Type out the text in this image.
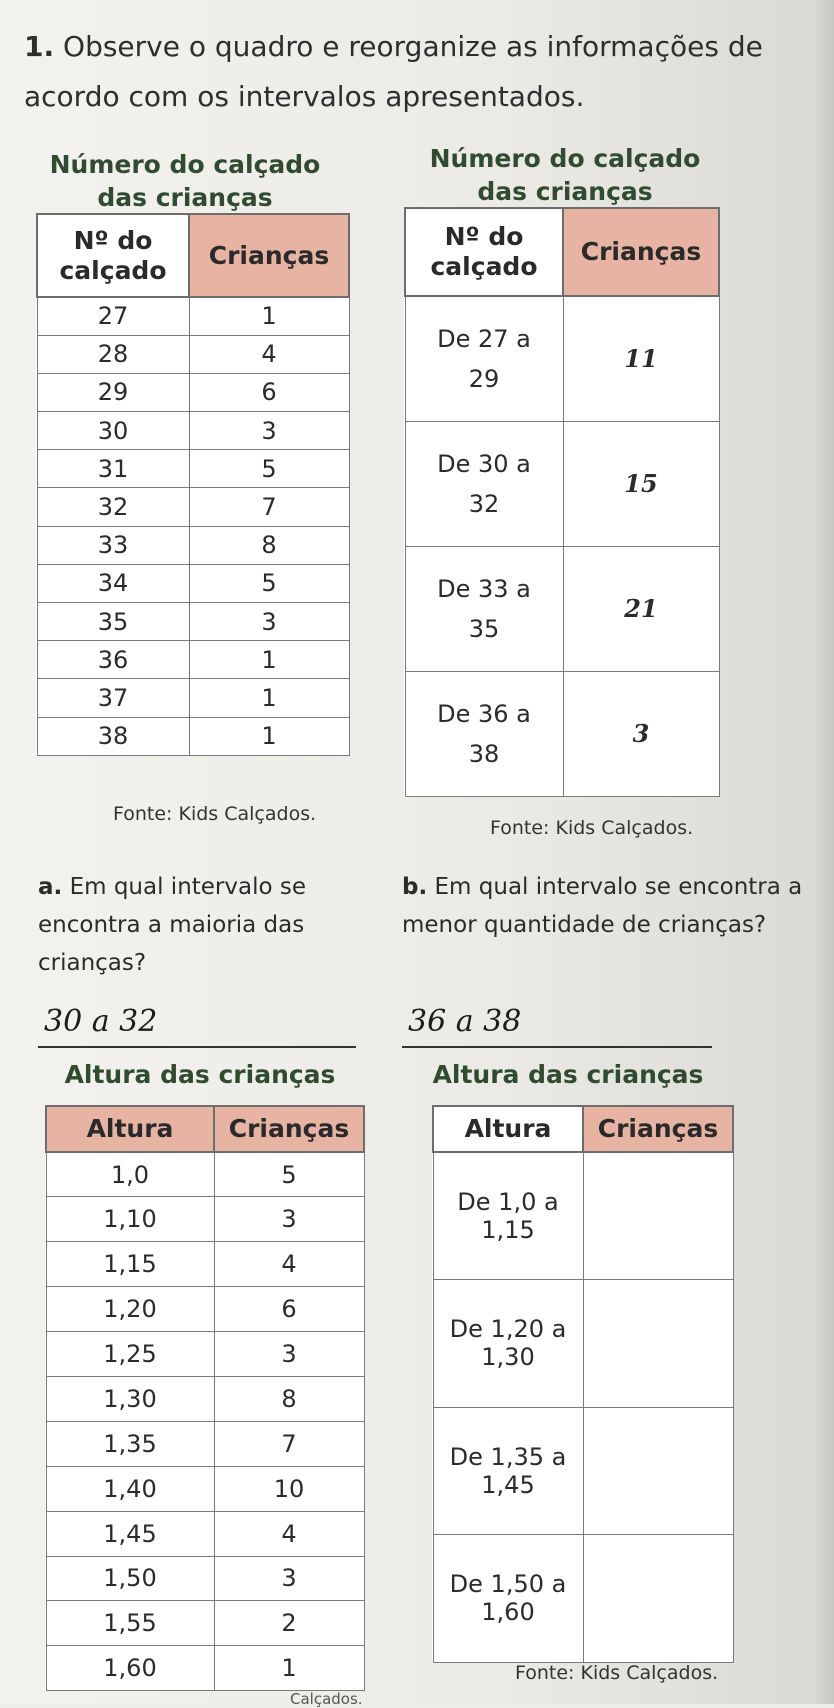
1. Observe o quadro e reorganize as informações de acordo com os intervalos apresentados.
Número do calçado
das crianças
Nº do calçado	Crianças
27	1
28	4
29	6
30	3
31	5
32	7
33	8
34	5
35	3
36	1
37	1
38	1
Fonte: Kids Calçados.
Número do calçado
das crianças
Nº do calçado	Crianças
De 27 a 29	11
De 30 a 32	15
De 33 a 35	21
De 36 a 38	3
Fonte: Kids Calçados.
a. Em qual intervalo se encontra a maioria das crianças?
b. Em qual intervalo se encontra a menor quantidade de crianças?
30 a 32	36 a 38
Altura das crianças
Altura	Crianças
1,0	5
1,10	3
1,15	4
1,20	6
1,25	3
1,30	8
1,35	7
1,40	10
1,45	4
1,50	3
1,55	2
1,60	1
Calçados.
Altura das crianças
Altura	Crianças
De 1,0 a 1,15	
De 1,20 a 1,30	
De 1,35 a 1,45	
De 1,50 a 1,60	
Fonte: Kids Calçados.
